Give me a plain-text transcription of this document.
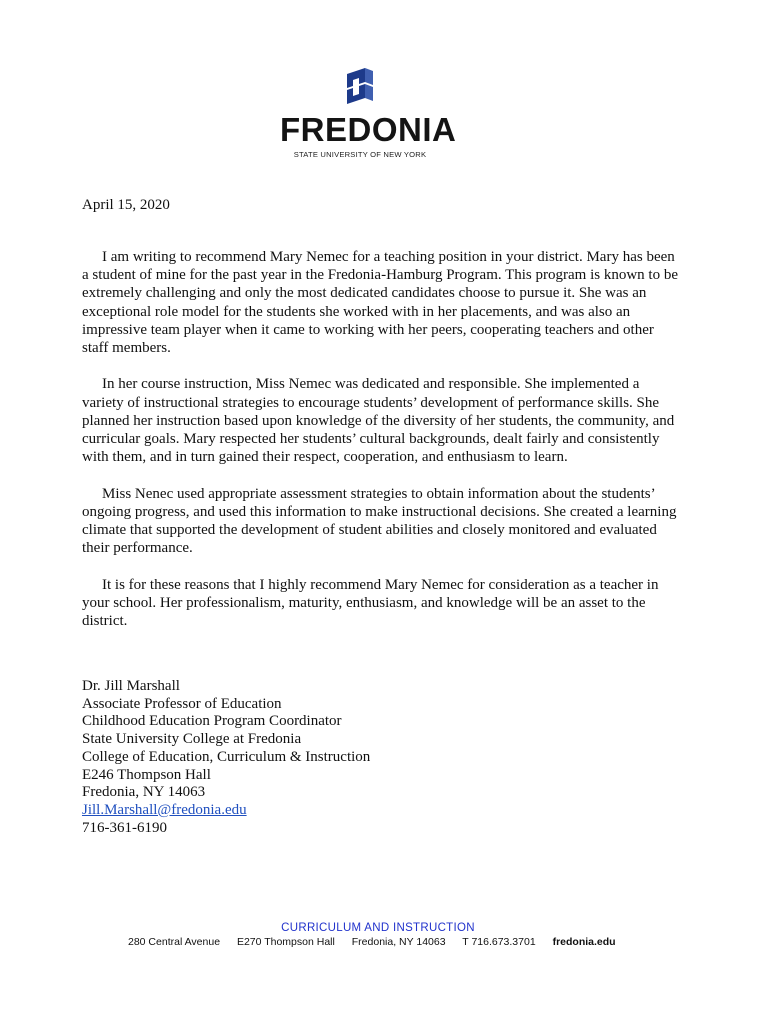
FREDONIA
STATE UNIVERSITY OF NEW YORK
April 15, 2020

I am writing to recommend Mary Nemec for a teaching position in your district. Mary has been a student of mine for the past year in the Fredonia-Hamburg Program. This program is known to be extremely challenging and only the most dedicated candidates choose to pursue it. She was an exceptional role model for the students she worked with in her placements, and was also an impressive team player when it came to working with her peers, cooperating teachers and other staff members.

In her course instruction, Miss Nemec was dedicated and responsible. She implemented a variety of instructional strategies to encourage students’ development of performance skills. She planned her instruction based upon knowledge of the diversity of her students, the community, and curricular goals. Mary respected her students’ cultural backgrounds, dealt fairly and consistently with them, and in turn gained their respect, cooperation, and enthusiasm to learn.

Miss Nenec used appropriate assessment strategies to obtain information about the students’ ongoing progress, and used this information to make instructional decisions. She created a learning climate that supported the development of student abilities and closely monitored and evaluated their performance.

It is for these reasons that I highly recommend Mary Nemec for consideration as a teacher in your school. Her professionalism, maturity, enthusiasm, and knowledge will be an asset to the district.

Dr. Jill Marshall
Associate Professor of Education
Childhood Education Program Coordinator
State University College at Fredonia
College of Education, Curriculum & Instruction
E246 Thompson Hall
Fredonia, NY 14063
Jill.Marshall@fredonia.edu
716-361-6190
CURRICULUM AND INSTRUCTION
280 Central Avenue E270 Thompson Hall Fredonia, NY 14063 T 716.673.3701 fredonia.edu
